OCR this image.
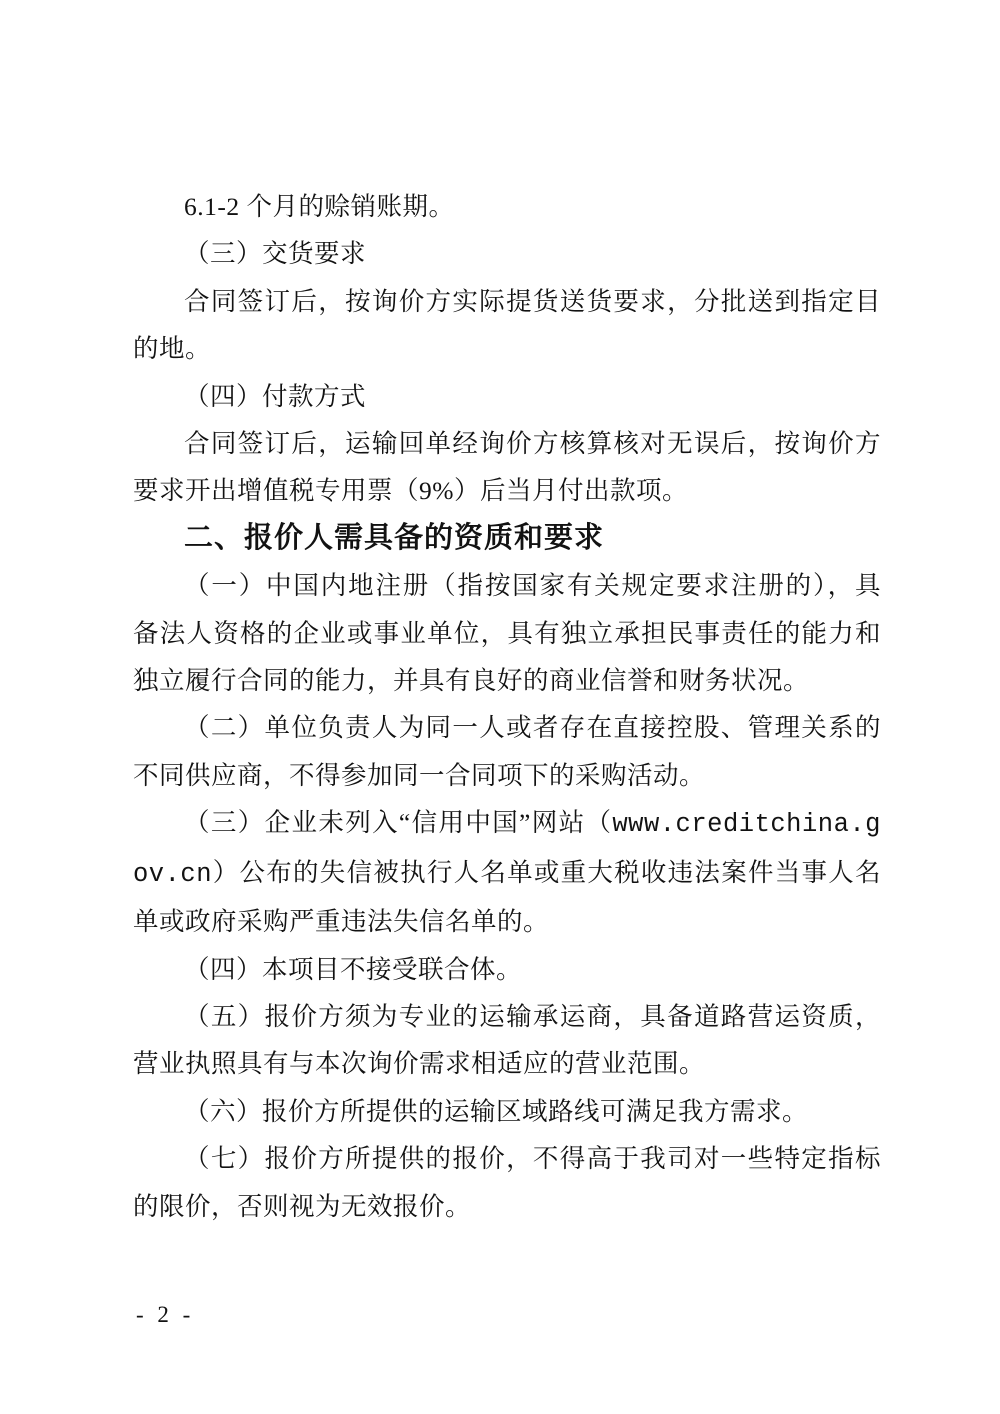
6.1-2 个月的赊销账期。
（三）交货要求
合同签订后，按询价方实际提货送货要求，分批送到指定目
的地。
（四）付款方式
合同签订后，运输回单经询价方核算核对无误后，按询价方
要求开出增值税专用票（9%）后当月付出款项。
二、报价人需具备的资质和要求
（一）中国内地注册（指按国家有关规定要求注册的），具
备法人资格的企业或事业单位，具有独立承担民事责任的能力和
独立履行合同的能力，并具有良好的商业信誉和财务状况。
（二）单位负责人为同一人或者存在直接控股、管理关系的
不同供应商，不得参加同一合同项下的采购活动。
（三）企业未列入“信用中国”网站（www.creditchina.g
ov.cn）公布的失信被执行人名单或重大税收违法案件当事人名
单或政府采购严重违法失信名单的。
（四）本项目不接受联合体。
（五）报价方须为专业的运输承运商，具备道路营运资质，
营业执照具有与本次询价需求相适应的营业范围。
（六）报价方所提供的运输区域路线可满足我方需求。
（七）报价方所提供的报价，不得高于我司对一些特定指标
的限价，否则视为无效报价。
- 2 -
